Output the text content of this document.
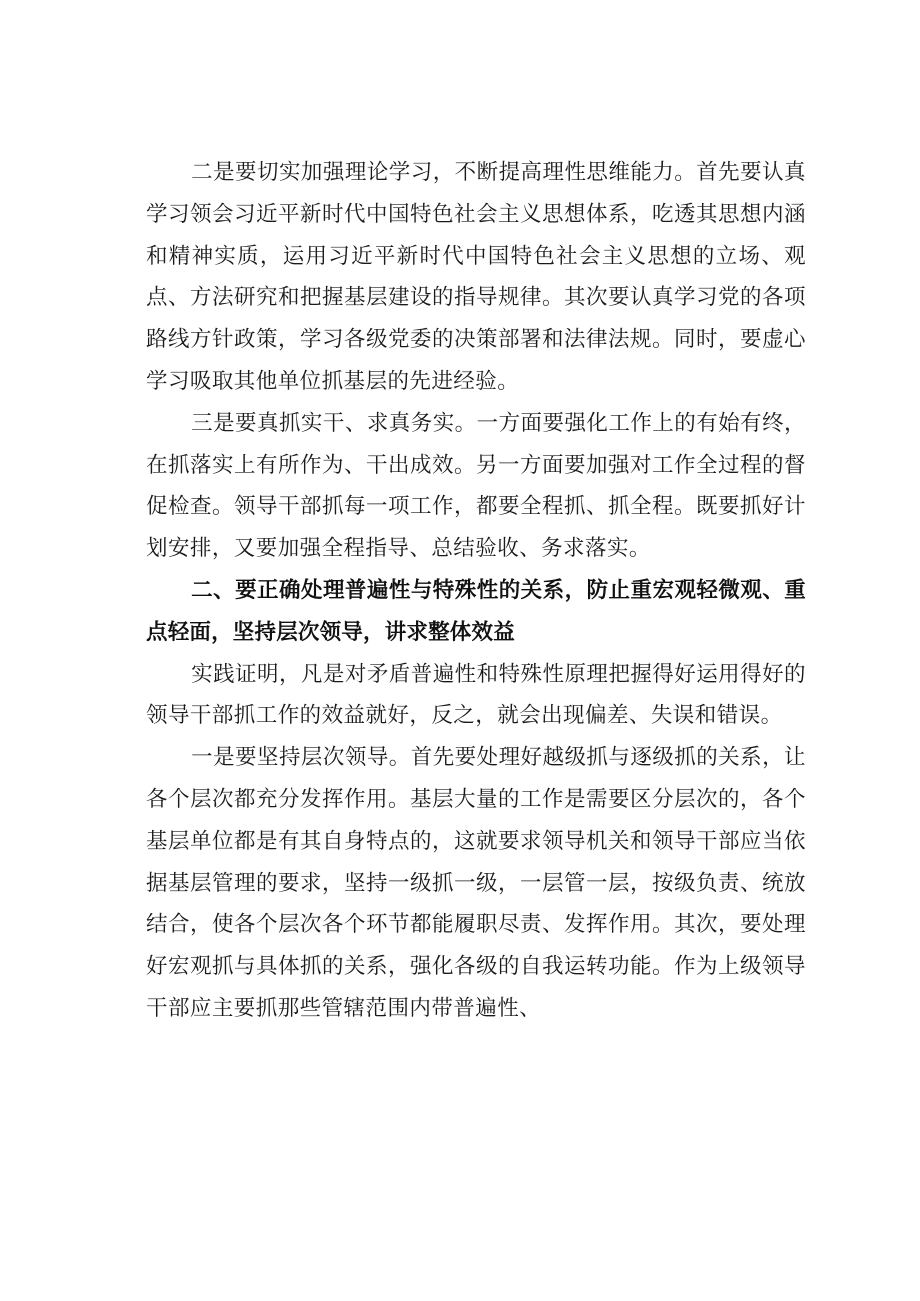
二是要切实加强理论学习，不断提高理性思维能力。首先要认真学习领会习近平新时代中国特色社会主义思想体系，吃透其思想内涵和精神实质，运用习近平新时代中国特色社会主义思想的立场、观点、方法研究和把握基层建设的指导规律。其次要认真学习党的各项路线方针政策，学习各级党委的决策部署和法律法规。同时，要虚心学习吸取其他单位抓基层的先进经验。

三是要真抓实干、求真务实。一方面要强化工作上的有始有终，在抓落实上有所作为、干出成效。另一方面要加强对工作全过程的督促检查。领导干部抓每一项工作，都要全程抓、抓全程。既要抓好计划安排，又要加强全程指导、总结验收、务求落实。

二、要正确处理普遍性与特殊性的关系，防止重宏观轻微观、重点轻面，坚持层次领导，讲求整体效益

实践证明，凡是对矛盾普遍性和特殊性原理把握得好运用得好的领导干部抓工作的效益就好，反之，就会出现偏差、失误和错误。

一是要坚持层次领导。首先要处理好越级抓与逐级抓的关系，让各个层次都充分发挥作用。基层大量的工作是需要区分层次的，各个基层单位都是有其自身特点的，这就要求领导机关和领导干部应当依据基层管理的要求，坚持一级抓一级，一层管一层，按级负责、统放结合，使各个层次各个环节都能履职尽责、发挥作用。其次，要处理好宏观抓与具体抓的关系，强化各级的自我运转功能。作为上级领导干部应主要抓那些管辖范围内带普遍性、
